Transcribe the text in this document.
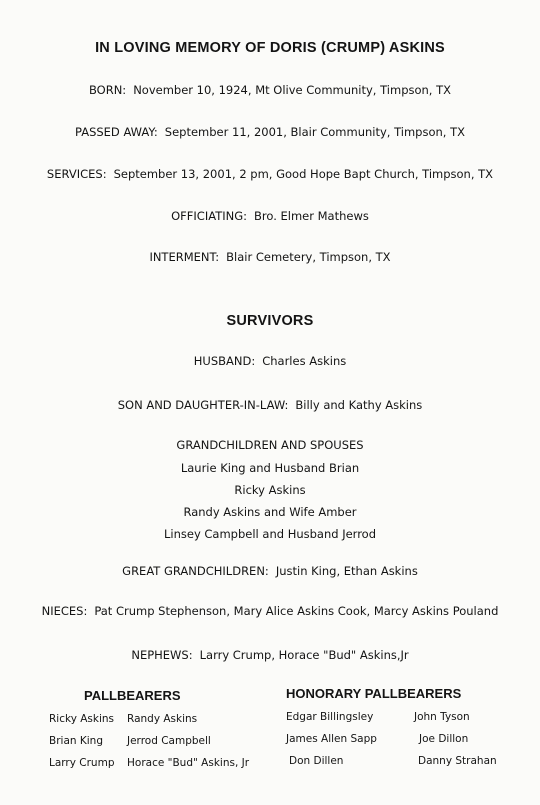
IN LOVING MEMORY OF DORIS (CRUMP) ASKINS
BORN: November 10, 1924, Mt Olive Community, Timpson, TX
PASSED AWAY: September 11, 2001, Blair Community, Timpson, TX
SERVICES: September 13, 2001, 2 pm, Good Hope Bapt Church, Timpson, TX
OFFICIATING: Bro. Elmer Mathews
INTERMENT: Blair Cemetery, Timpson, TX
SURVIVORS
HUSBAND: Charles Askins
SON AND DAUGHTER-IN-LAW: Billy and Kathy Askins
GRANDCHILDREN AND SPOUSES
Laurie King and Husband Brian
Ricky Askins
Randy Askins and Wife Amber
Linsey Campbell and Husband Jerrod
GREAT GRANDCHILDREN: Justin King, Ethan Askins
NIECES: Pat Crump Stephenson, Mary Alice Askins Cook, Marcy Askins Pouland
NEPHEWS: Larry Crump, Horace "Bud" Askins,Jr
PALLBEARERS
Ricky Askins
Brian King
Larry Crump
Randy Askins
Jerrod Campbell
Horace "Bud" Askins, Jr
HONORARY PALLBEARERS
Edgar Billingsley
James Allen Sapp
Don Dillen
John Tyson
Joe Dillon
Danny Strahan
